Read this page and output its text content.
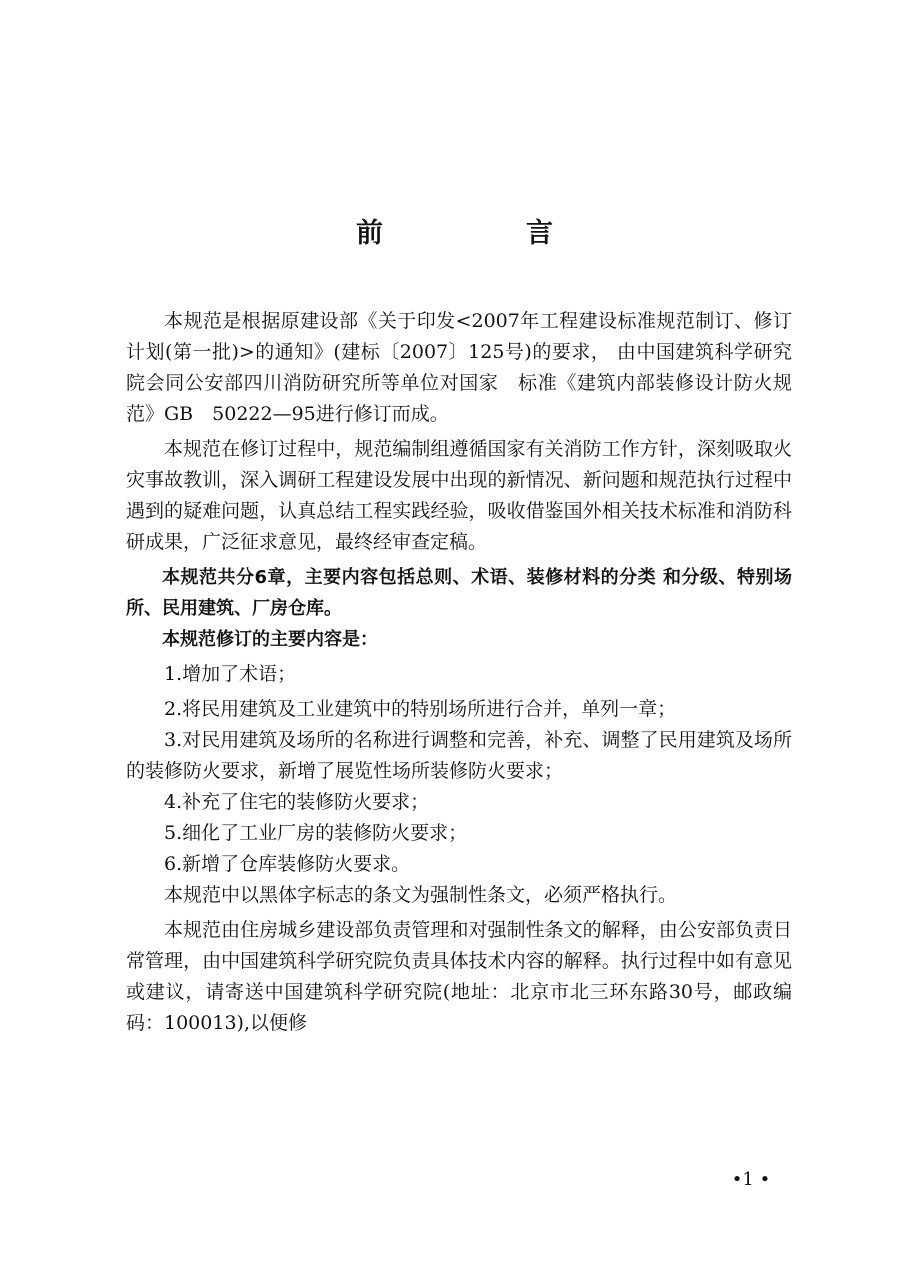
前　言

本规范是根据原建设部《关于印发<2007年工程建设标准规范制订、修订计划(第一批)>的通知》(建标〔2007〕125号)的要求， 由中国建筑科学研究院会同公安部四川消防研究所等单位对国家　标准《建筑内部装修设计防火规范》GB　50222—95进行修订而成。

本规范在修订过程中，规范编制组遵循国家有关消防工作方针，深刻吸取火灾事故教训，深入调研工程建设发展中出现的新情况、新问题和规范执行过程中遇到的疑难问题，认真总结工程实践经验，吸收借鉴国外相关技术标准和消防科研成果，广泛征求意见，最终经审查定稿。

本规范共分6章，主要内容包括总则、术语、装修材料的分类 和分级、特别场所、民用建筑、厂房仓库。

本规范修订的主要内容是：

1.增加了术语；

2.将民用建筑及工业建筑中的特别场所进行合并，单列一章；

3.对民用建筑及场所的名称进行调整和完善，补充、调整了民用建筑及场所的装修防火要求，新增了展览性场所装修防火要求；

4.补充了住宅的装修防火要求；

5.细化了工业厂房的装修防火要求；

6.新增了仓库装修防火要求。

本规范中以黑体字标志的条文为强制性条文，必须严格执行。

本规范由住房城乡建设部负责管理和对强制性条文的解释，由公安部负责日常管理，由中国建筑科学研究院负责具体技术内容的解释。执行过程中如有意见或建议，请寄送中国建筑科学研究院(地址：北京市北三环东路30号，邮政编码：100013),以便修

•1 •
